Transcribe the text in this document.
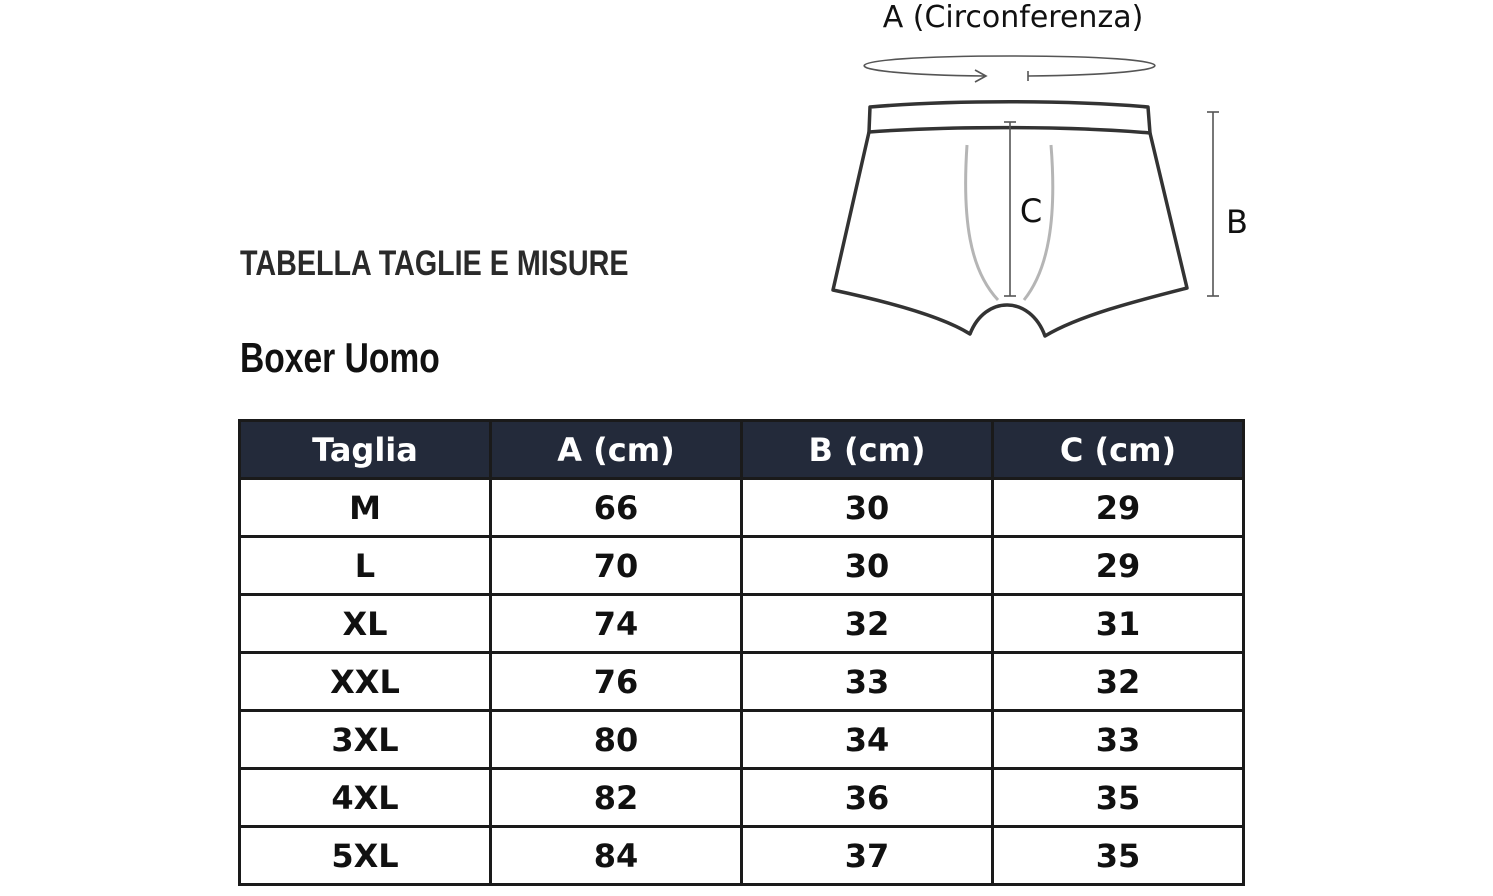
A (Circonferenza)
C	B
TABELLA TAGLIE E MISURE
Boxer Uomo
Taglia	A (cm)	B (cm)	C (cm)
M	66	30	29
L	70	30	29
XL	74	32	31
XXL	76	33	32
3XL	80	34	33
4XL	82	36	35
5XL	84	37	35
